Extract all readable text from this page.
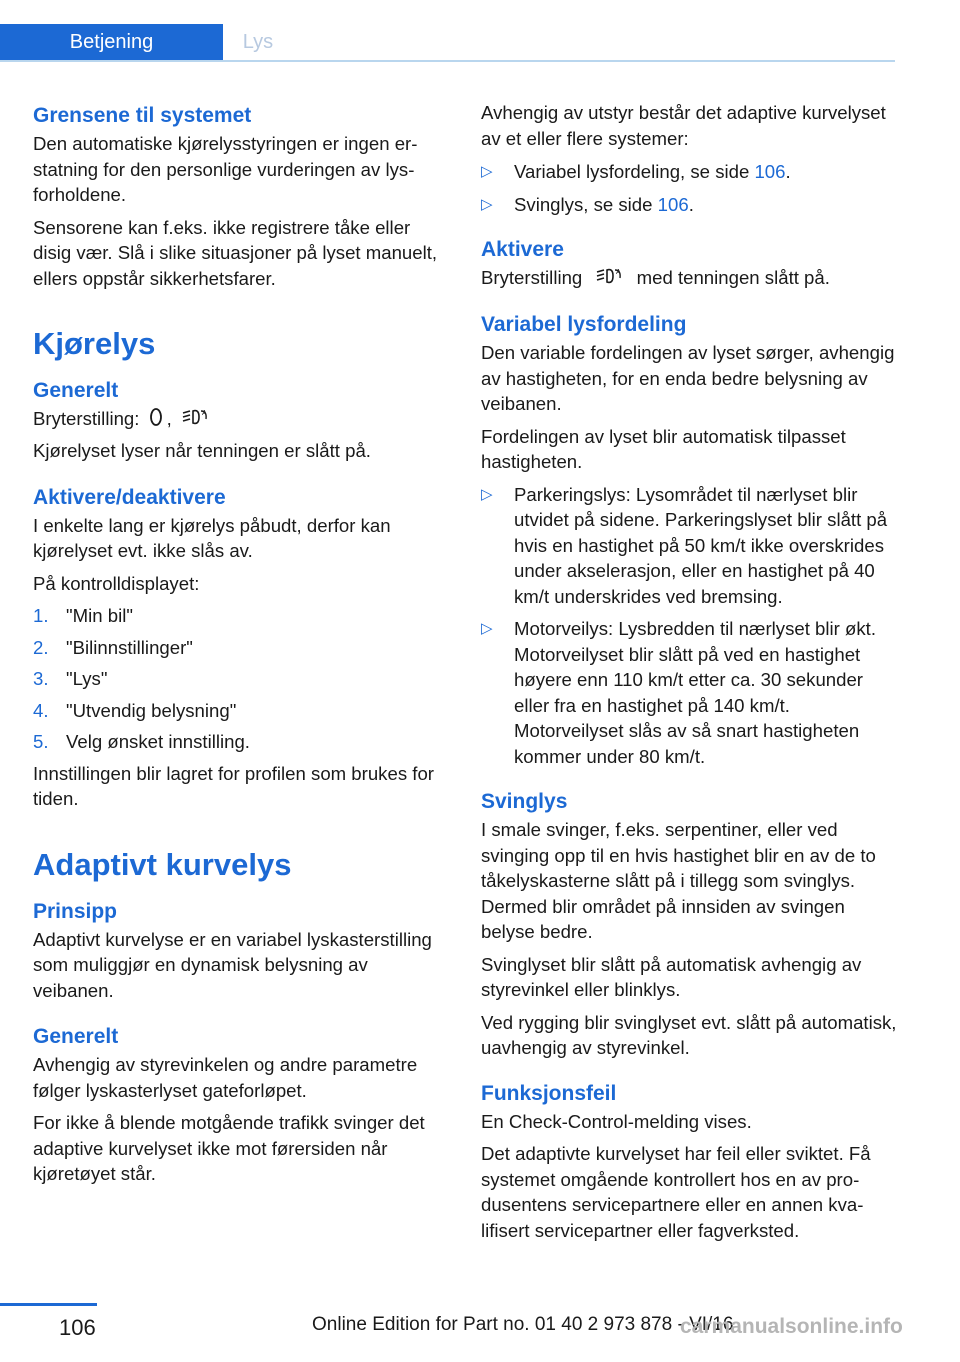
Betjening	Lys
Grensene til systemet

Den automatiske kjørelysstyringen er ingen erstatning for den personlige vurderingen av lysforholdene.

Sensorene kan f.eks. ikke registrere tåke eller disig vær. Slå i slike situasjoner på lyset manuelt, ellers oppstår sikkerhetsfarer.

Kjørelys
Generelt

Bryterstilling: ,	A

Kjørelyset lyser når tenningen er slått på.

Aktivere/deaktivere

I enkelte lang er kjørelys påbudt, derfor kan kjørelyset evt. ikke slås av.

På kontrolldisplayet:

1. "Min bil"
2. "Bilinnstillinger"
3. "Lys"
4. "Utvendig belysning"
5. Velg ønsket innstilling.

Innstillingen blir lagret for profilen som brukes for tiden.

Adaptivt kurvelys
Prinsipp

Adaptivt kurvelyse er en variabel lyskasterstilling som muliggjør en dynamisk belysning av veibanen.

Generelt

Avhengig av styrevinkelen og andre parametre følger lyskasterlyset gateforløpet.

For ikke å blende motgående trafikk svinger det adaptive kurvelyset ikke mot førersiden når kjøretøyet står.

Avhengig av utstyr består det adaptive kurvelyset av et eller flere systemer:

▷ Variabel lysfordeling, se side 106.
▷ Svinglys, se side 106.
Aktivere

Bryterstilling	A med tenningen slått på.

Variabel lysfordeling

Den variable fordelingen av lyset sørger, avhengig av hastigheten, for en enda bedre belysning av veibanen.

Fordelingen av lyset blir automatisk tilpasset hastigheten.

▷ Parkeringslys: Lysområdet til nærlyset blir utvidet på sidene. Parkeringslyset blir slått på hvis en hastighet på 50 km/t ikke overskrides under akselerasjon, eller en hastighet på 40 km/t underskrides ved bremsing.
▷ Motorveilys: Lysbredden til nærlyset blir økt. Motorveilyset blir slått på ved en hastighet høyere enn 110 km/t etter ca. 30 sekunder eller fra en hastighet på 140 km/t. Motorveilyset slås av så snart hastigheten kommer under 80 km/t.
Svinglys

I smale svinger, f.eks. serpentiner, eller ved svinging opp til en hvis hastighet blir en av de to tåkelyskasterne slått på i tillegg som svinglys. Dermed blir området på innsiden av svingen belyse bedre.

Svinglyset blir slått på automatisk avhengig av styrevinkel eller blinklys.

Ved rygging blir svinglyset evt. slått på automatisk, uavhengig av styrevinkel.

Funksjonsfeil

En Check-Control-melding vises.

Det adaptivte kurvelyset har feil eller sviktet. Få systemet omgående kontrollert hos en av produsentens servicepartnere eller en annen kvalifisert servicepartner eller fagverksted.

106	Online Edition for Part no. 01 40 2 973 878 - VI/16
carmanualsonline.info
